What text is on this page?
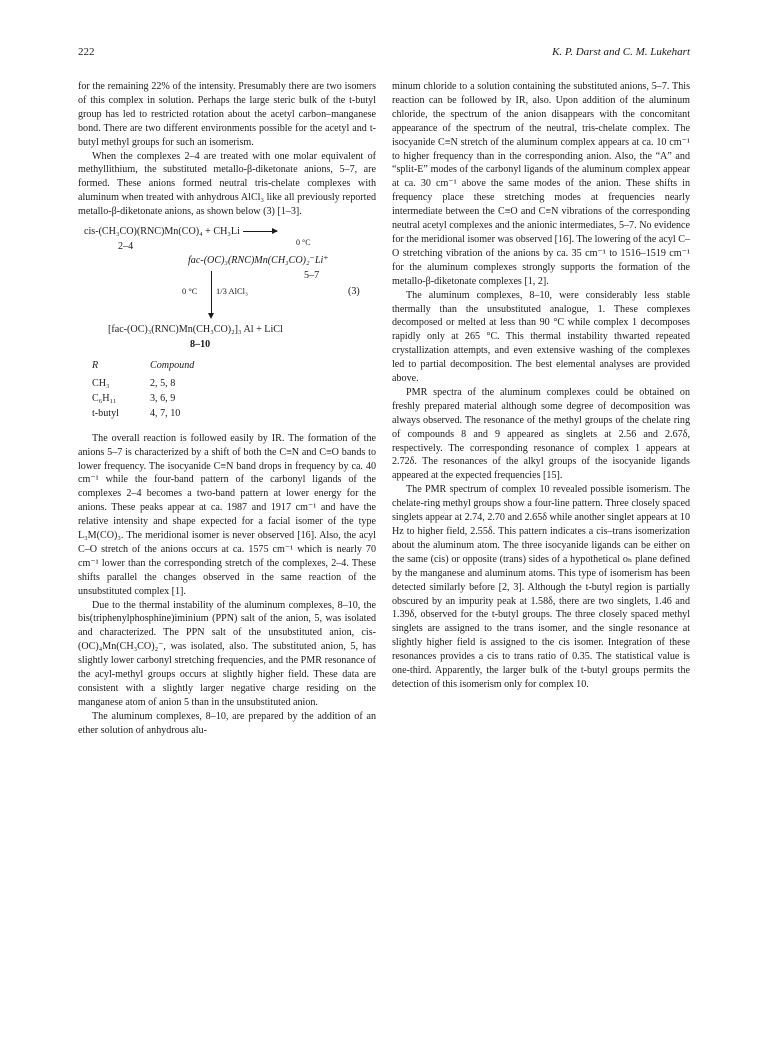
222	K. P. Darst and C. M. Lukehart

for the remaining 22% of the intensity. Presumably there are two isomers of this complex in solution. Perhaps the large steric bulk of the t-butyl group has led to restricted rotation about the acetyl carbon–manganese bond. There are two different environments possible for the acetyl and t-butyl methyl groups for such an isomerism.

When the complexes 2–4 are treated with one molar equivalent of methyllithium, the substituted metallo-β-diketonate anions, 5–7, are formed. These anions formed neutral tris-chelate complexes with aluminum when treated with anhydrous AlCl₃ like all previously reported metallo-β-diketonate anions, as shown below (3) [1–3].

cis-(CH₃CO)(RNC)Mn(CO)₄ + CH₃Li
0 °C
2–4
fac-(OC)₃(RNC)Mn(CH₃CO)₂⁻Li⁺
5–7
0 °C 1/3 AlCl₃	(3)
[fac-(OC)₃(RNC)Mn(CH₃CO)₂]₃ Al + LiCl
8–10
R	Compound
CH₃	2, 5, 8
C₆H₁₁	3, 6, 9
t-butyl	4, 7, 10

The overall reaction is followed easily by IR. The formation of the anions 5–7 is characterized by a shift of both the C≡N and C≡O bands to lower frequency. The isocyanide C≡N band drops in frequency by ca. 40 cm⁻¹ while the four-band pattern of the carbonyl ligands of the complexes 2–4 becomes a two-band pattern at lower energy for the anions. These peaks appear at ca. 1987 and 1917 cm⁻¹ and have the relative intensity and shape expected for a facial isomer of the type L₃M(CO)₃. The meridional isomer is never observed [16]. Also, the acyl C–O stretch of the anions occurs at ca. 1575 cm⁻¹ which is nearly 70 cm⁻¹ lower than the corresponding stretch of the complexes, 2–4. These shifts parallel the changes observed in the same reaction of the unsubstituted complex [1].

Due to the thermal instability of the aluminum complexes, 8–10, the bis(triphenylphosphine)iminium (PPN) salt of the anion, 5, was isolated and characterized. The PPN salt of the unsubstituted anion, cis-(OC)₄Mn(CH₃CO)₂⁻, was isolated, also. The substituted anion, 5, has slightly lower carbonyl stretching frequencies, and the PMR resonance of the acyl-methyl groups occurs at slightly higher field. These data are consistent with a slightly larger negative charge residing on the manganese atom of anion 5 than in the unsubstituted anion.

The aluminum complexes, 8–10, are prepared by the addition of an ether solution of anhydrous alu-

minum chloride to a solution containing the substituted anions, 5–7. This reaction can be followed by IR, also. Upon addition of the aluminum chloride, the spectrum of the anion disappears with the concomitant appearance of the spectrum of the neutral, tris-chelate complex. The isocyanide C≡N stretch of the aluminum complex appears at ca. 10 cm⁻¹ to higher frequency than in the corresponding anion. Also, the “A” and “split-E” modes of the carbonyl ligands of the aluminum complex appear at ca. 30 cm⁻¹ above the same modes of the anion. These shifts in frequency place these stretching modes at frequencies nearly intermediate between the C≡O and C≡N vibrations of the corresponding neutral acetyl complexes and the anionic intermediates, 5–7. No evidence for the meridional isomer was observed [16]. The lowering of the acyl C–O stretching vibration of the anions by ca. 35 cm⁻¹ to 1516–1519 cm⁻¹ for the aluminum complexes strongly supports the formation of the metallo-β-diketonate complexes [1, 2].

The aluminum complexes, 8–10, were considerably less stable thermally than the unsubstituted analogue, 1. These complexes decomposed or melted at less than 90 °C while complex 1 decomposes rapidly only at 265 °C. This thermal instability thwarted repeated crystallization attempts, and even extensive washing of the complexes led to partial decomposition. The best elemental analyses are provided above.

PMR spectra of the aluminum complexes could be obtained on freshly prepared material although some degree of decomposition was always observed. The resonance of the methyl groups of the chelate ring of compounds 8 and 9 appeared as singlets at 2.56 and 2.67δ, respectively. The corresponding resonance of complex 1 appears at 2.72δ. The resonances of the alkyl groups of the isocyanide ligands appeared at the expected frequencies [15].

The PMR spectrum of complex 10 revealed possible isomerism. The chelate-ring methyl groups show a four-line pattern. Three closely spaced singlets appear at 2.74, 2.70 and 2.65δ while another singlet appears at 10 Hz to higher field, 2.55δ. This pattern indicates a cis–trans isomerization about the aluminum atom. The three isocyanide ligands can be either on the same (cis) or opposite (trans) sides of a hypothetical oₕ plane defined by the manganese and aluminum atoms. This type of isomerism has been detected similarly before [2, 3]. Although the t-butyl region is partially obscured by an impurity peak at 1.58δ, there are two singlets, 1.46 and 1.39δ, observed for the t-butyl groups. The three closely spaced methyl singlets are assigned to the trans isomer, and the single resonance at slightly higher field is assigned to the cis isomer. Integration of these resonances provides a cis to trans ratio of 0.35. The statistical value is one-third. Apparently, the larger bulk of the t-butyl groups permits the detection of this isomerism only for complex 10.
